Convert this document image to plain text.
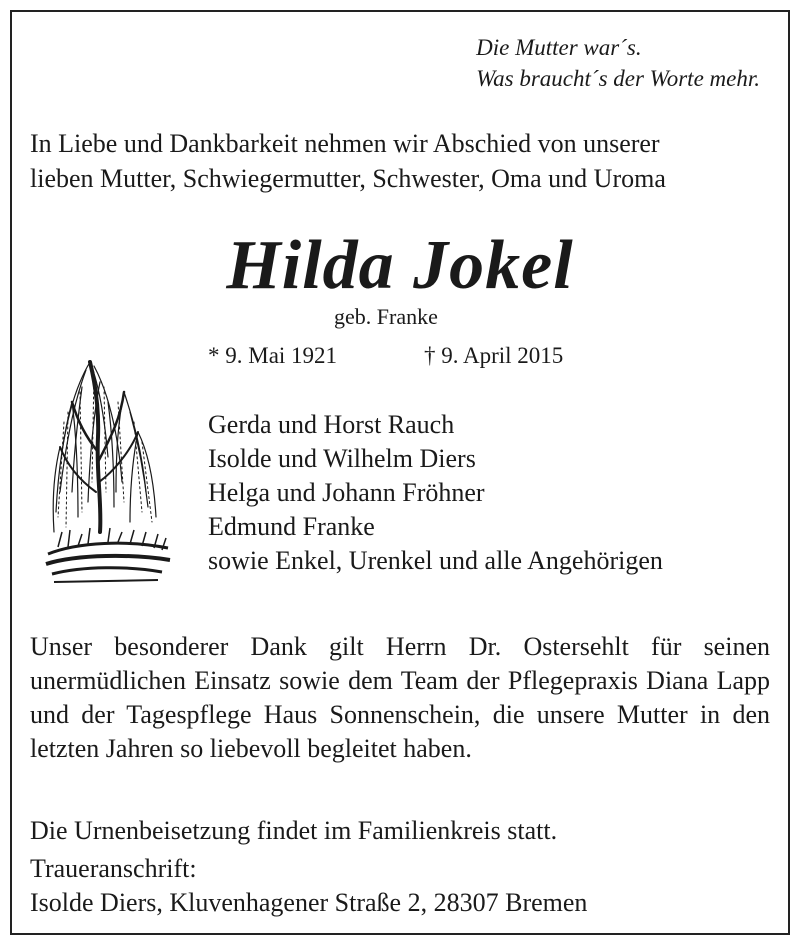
Die Mutter war´s.
Was braucht´s der Worte mehr.
In Liebe und Dankbarkeit nehmen wir Abschied von unserer
lieben Mutter, Schwiegermutter, Schwester, Oma und Uroma
Hilda Jokel
geb. Franke
* 9. Mai 1921	† 9. April 2015
Gerda und Horst Rauch
Isolde und Wilhelm Diers
Helga und Johann Fröhner
Edmund Franke
sowie Enkel, Urenkel und alle Angehörigen
Unser besonderer Dank gilt Herrn Dr. Ostersehlt für seinen unermüdlichen Einsatz sowie dem Team der Pflegepraxis Diana Lapp und der Tagespflege Haus Sonnenschein, die unsere Mutter in den letzten Jahren so liebevoll begleitet haben.
Die Urnenbeisetzung findet im Familienkreis statt.
Traueranschrift:
Isolde Diers, Kluvenhagener Straße 2, 28307 Bremen
